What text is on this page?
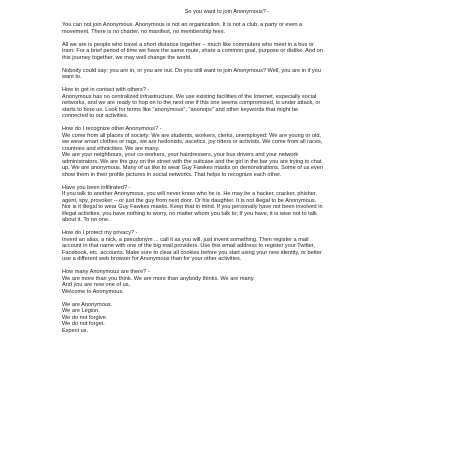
So you want to join Anonymous? -
You can not join Anonymous. Anonymous is not an organization. It is not a club, a party or even a
movement. There is no charter, no manifest, no membership fees.
All we are is people who travel a short distance together -- much like commuters who meet in a bus or
tram: For a brief period of time we have the same route, share a common goal, purpose or dislike. And on
this journey together, we may well change the world.
Nobody could say: you are in, or you are out. Do you still want to join Anonymous? Well, you are in if you
want to.
How to get in contact with others? -
Anonymous has no centralized infrastructure. We use existing facilities of the Internet, especially social
networks, and we are ready to hop on to the next one if this one seems compromised, is under attack, or
starts to bore us. Look for terms like "anonymous", "anonops" and other keywords that might be
connected to our activities.
How do I recognize other Anonymous? -
We come from all places of society: We are students, workers, clerks, unemployed; We are young or old,
we wear smart clothes or rags, we are hedonists, ascetics, joy riders or activists. We come from all races,
countries and ethnicities. We are many.
We are your neighbours, your co-workers, your hairdressers, your bus drivers and your network
administrators. We are the guy on the street with the suitcase and the girl in the bar you are trying to chat
up. We are anonymous. Many of us like to wear Guy Fawkes masks on demonstrations. Some of us even
show them in their profile pictures in social networks. That helps to recognize each other.
Have you been infiltrated? -
If you talk to another Anonymous, you will never know who he is. He may be a hacker, cracker, phisher,
agent, spy, provoker -- or just the guy from next door. Or his daughter. It is not illegal to be Anonymous.
Nor is it illegal to wear Guy Fawkes masks. Keep that in mind. If you personally have not been involved in
illegal activities, you have nothing to worry, no matter whom you talk to; If you have, it is wise not to talk
about it. To no one.
How do I protect my privacy? -
Invent an alias, a nick, a pseudonym ... call it as you will, just invent something. Then register a mail
account in that name with one of the big mail providers. Use this email address to register your Twitter,
Facebook, etc. accounts. Make sure to clear all cookies before you start using your new identity, or better
use a different web browser for Anonymous than for your other activities.
How many Anonymous are there? -
We are more than you think. We are more than anybody thinks. We are many.
And you are now one of us.
Welcome to Anonymous.
We are Anonymous.
We are Legion.
We do not forgive.
We do not forget.
Expect us.
